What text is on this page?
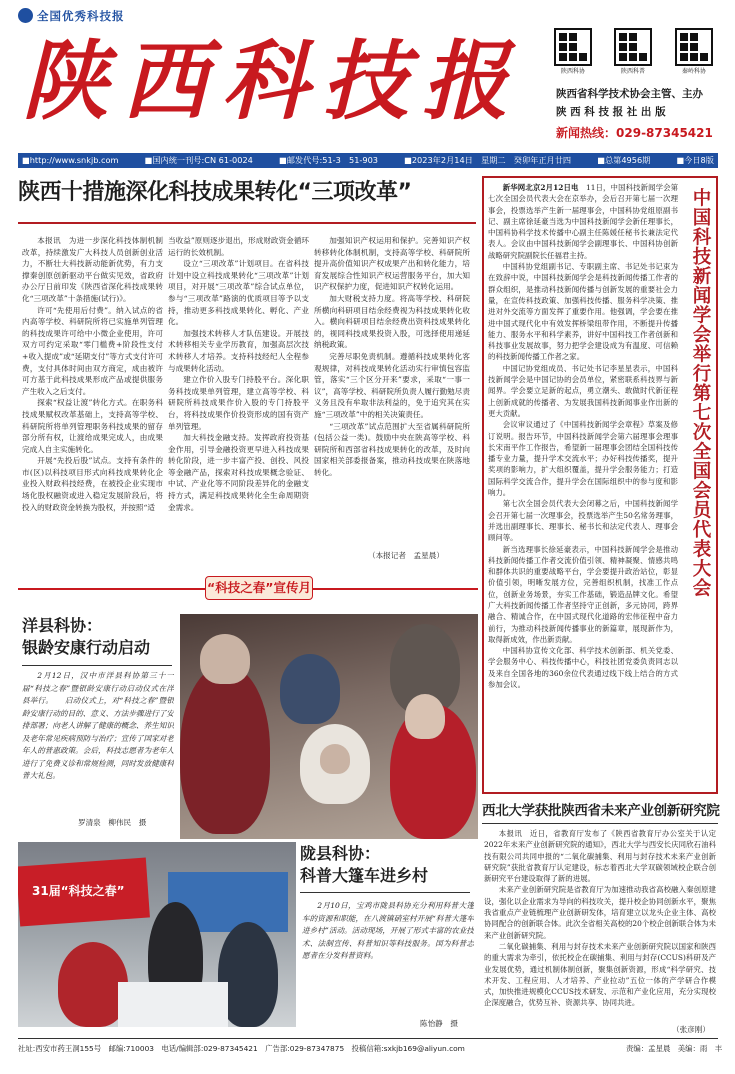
全国优秀科技报
陕西科技报	陕西科协	陕西科普	秦岭科协
陕西省科学技术协会主管、主办
陕 西 科 技 报 社 出 版
新闻热线：029-87345421
■http://www.snkjb.com	■国内统一刊号:CN 61-0024	■邮发代号:51-3　51-903	■2023年2月14日　星期二　癸卯年正月廿四	■总第4956期	■今日8版
陕西十措施深化科技成果转化“三项改革”

本报讯　为进一步深化科技体制机制改革，持续激发广大科技人员创新创业活力，不断壮大科技新动能新优势，有力支撑秦创原创新驱动平台做实见效，省政府办公厅日前印发《陕西省深化科技成果转化“三项改革”十条措施(试行)》。

许可“先使用后付费”。纳入试点的省内高等学校、科研院所将已实施单列管理的科技成果许可给中小微企业使用，许可双方可约定采取“零门槛费+阶段性支付+收入提成”或“延期支付”等方式支付许可费，支付具体时间由双方商定，成由被许可方基于此科技成果形成产品或提供服务产生收入之后支付。

探索“权益让渡”转化方式。在职务科技成果赋权改革基础上，支持高等学校、科研院所将单列管理职务科技成果的留存部分所有权，让渡给成果完成人，由成果完成人自主实施转化。

开展“先投后股”试点。支持有条件的市(区)以科技项目形式向科技成果转化企业投入财政科技经费，在被投企业实现市场化股权融资或进入稳定发展阶段后，将投入的财政资金转换为股权，并按照“适

当收益”原则逐步退出，形成财政资金循环运行的长效机制。

设立“三项改革”计划项目。在省科技计划中设立科技成果转化“三项改革”计划项目，对开展“三项改革”综合试点单位，参与“三项改革”路演的优质项目等予以支持，推动更多科技成果转化、孵化、产业化。

加强技术转移人才队伍建设。开展技术转移相关专业学历教育，加强高层次技术转移人才培养。支持科技经纪人全程参与成果转化活动。

建立作价入股专门持股平台。深化职务科技成果单列管理，建立高等学校、科研院所科技成果作价入股的专门持股平台，将科技成果作价投资形成的国有资产单列管理。

加大科技金融支持。发挥政府投资基金作用，引导金融投资更早进入科技成果转化阶段，进一步丰富产投、创投、风投等金融产品，探索对科技成果概念验证、中试、产业化等不同阶段差异化的金融支持方式，满足科技成果转化全生命周期资金需求。

加强知识产权运用和保护。完善知识产权转移转化体制机制，支持高等学校、科研院所提升高价值知识产权成果产出和转化能力，培育发展综合性知识产权运营服务平台，加大知识产权保护力度，促进知识产权转化运用。

加大财税支持力度。将高等学校、科研院所横向科研项目结余经费视为科技成果转化收入。横向科研项目结余经费出资科技成果转化的，视同科技成果投资入股，可选择使用递延纳税政策。

完善尽职免责机制。遵循科技成果转化客观规律，对科技成果转化活动实行审慎包容监管，落实“三个区分开来”要求，采取“一事一议”，高等学校、科研院所负责人履行勤勉尽责义务且没有牟取非法利益的，免于追究其在实施“三项改革”中的相关决策责任。

“三项改革”试点范围扩大至省属科研院所(包括公益一类)。鼓励中央在陕高等学校、科研院所和西部省科技成果转化的改革，及时向国家相关部委报备案，推动科技成果在陕落地转化。

（本报记者　孟星晨）
“科技之春”宣传月
洋县科协：
银龄安康行动启动
2月12日，汉中市洋县科协第三十一届“科技之春”暨银龄安康行动启动仪式在洋县举行。　　启动仪式上，对“科技之春”暨银龄安康行动的目的、意义、方法步骤进行了安排部署；向老人讲解了健康的概念、养生知识及老年常见疾病预防与治疗；宣传了国家对老年人的普惠政策。会后，科技志愿者为老年人进行了免费义诊和常规检测，同时发放健康科普大礼包。
罗清泉　柳伟民　摄
31届“科技之春”
陇县科协：
科普大篷车进乡村
2月10日，宝鸡市陇县科协充分利用科普大篷车的资源和职能，在八渡镇硝室村开展“科普大篷车进乡村”活动。活动现场，开展了形式丰富的农业技术、法制宣传、科普知识等科技服务。国为科普志愿者在分发科普资料。
陈怡静　摄

新华网北京2月12日电　 11日，中国科技新闻学会第七次全国会员代表大会在京举办，会后召开第七届一次理事会，投票选举产生新一届理事会，中国科协党组原副书记、副主席徐延豪当选为中国科技新闻学会新任理事长，中国科协科学技术传播中心副主任陈媛任秘书长兼法定代表人。会议由中国科技新闻学会副理事长、中国科协创新战略研究院副院长任福君主持。

中国科协党组副书记、专职副主席、书记处书记束为在致辞中说，中国科技新闻学会是科技新闻传播工作者的群众组织，是推动科技新闻传播与创新发展的重要社会力量，在宣传科技政策、加强科技传播、服务科学决策、推进对外交流等方面发挥了重要作用。他强调，学会要在推进中国式现代化中有效发挥桥梁纽带作用，不断提升传播能力、服务水平和科学素养，讲好中国科技工作者创新和科技事业发展故事，努力把学会建设成为有温度、可信赖的科技新闻传播工作者之家。

中国记协党组成员、书记处书记李星星表示，中国科技新闻学会是中国记协的会员单位，紧密联系科技界与新闻界。学会要立足新的起点，勇立潮头、敢做时代新征程上创新成就的传播者、为发展我国科技新闻事业作出新的更大贡献。

会议审议通过了《中国科技新闻学会章程》草案及修订说明。报告环节，中国科技新闻学会第六届理事会理事长宋南平作工作报告，希望新一届理事会团结全国科技传播专业力量，提升学术交流水平；办好科技传播奖，提升奖项的影响力，扩大组织覆盖，提升学会服务能力；打造国际科学交流合作，提升学会在国际组织中的参与度和影响力。

第七次全国会员代表大会闭幕之后，中国科技新闻学会召开第七届一次理事会，投票选举产生50名常务理事，并选出副理事长、理事长、秘书长和法定代表人、理事会顾问等。

新当选理事长徐延豪表示，中国科技新闻学会是推动科技新闻传播工作者交流价值引领、精神凝聚、情感共鸣和群体共识的重要战略平台，学会要提升政治站位，彰显价值引领，明晰发展方位，完善组织机制，找准工作点位，创新业务场景，夯实工作基础，锻造品牌文化。希望广大科技新闻传播工作者坚持守正创新，多元协同，跨界融合、精诚合作，在中国式现代化道路的宏伟征程中奋力前行，为推动科技新闻传播事业的新篇章，展现新作为，取得新成效，作出新贡献。

中国科协宣传文化部、科学技术创新部、机关党委、学会服务中心、科技传播中心，科技社团党委负责同志以及来自全国各地的360余位代表通过线下线上结合的方式参加会议。

中国科技新闻学会举行第七次全国会员代表大会
西北大学获批陕西省未来产业创新研究院

本报讯　近日，省教育厅发布了《陕西省教育厅办公室关于认定2022年未来产业创新研究院的通知》，西北大学与西安长庆同欣石油科技有限公司共同申报的“二氧化碳捕集、利用与封存技术未来产业创新研究院”获批省教育厅认定建设，标志着西北大学双碳领域校企联合创新研究平台建设取得了新的进展。

未来产业创新研究院是省教育厅为加速推动我省高校融入秦创原建设，强化以企业需求为导向的科技攻关，提升校企协同创新水平，聚焦我省重点产业链梳理产业创新研发体，培育建立以龙头企业主体、高校协同配合的创新联合体。此次全省相关高校的20个校企创新联合体为未来产业创新研究院。

二氧化碳捕集、利用与封存技术未来产业创新研究院以国家和陕西的重大需求为牵引，依托校企在碳捕集、利用与封存(CCUS)科研及产业发展优势，通过机制体制创新，聚集创新资源，形成“科学研究、技术开发、工程应用、人才培养、产业拉动”五位一体的产学研合作模式，加快推进规模化CCUS技术研发、示范和产业化应用，充分实现校企深度融合，优势互补、资源共享、协同共进。

（张彦刚）
社址:西安市药王洞155号　邮编:710003　电话/编辑部:029-87345421　广告部:029-87347875　投稿信箱:sxkjb169@aliyun.com	责编：孟星晨　美编：雨　丰
